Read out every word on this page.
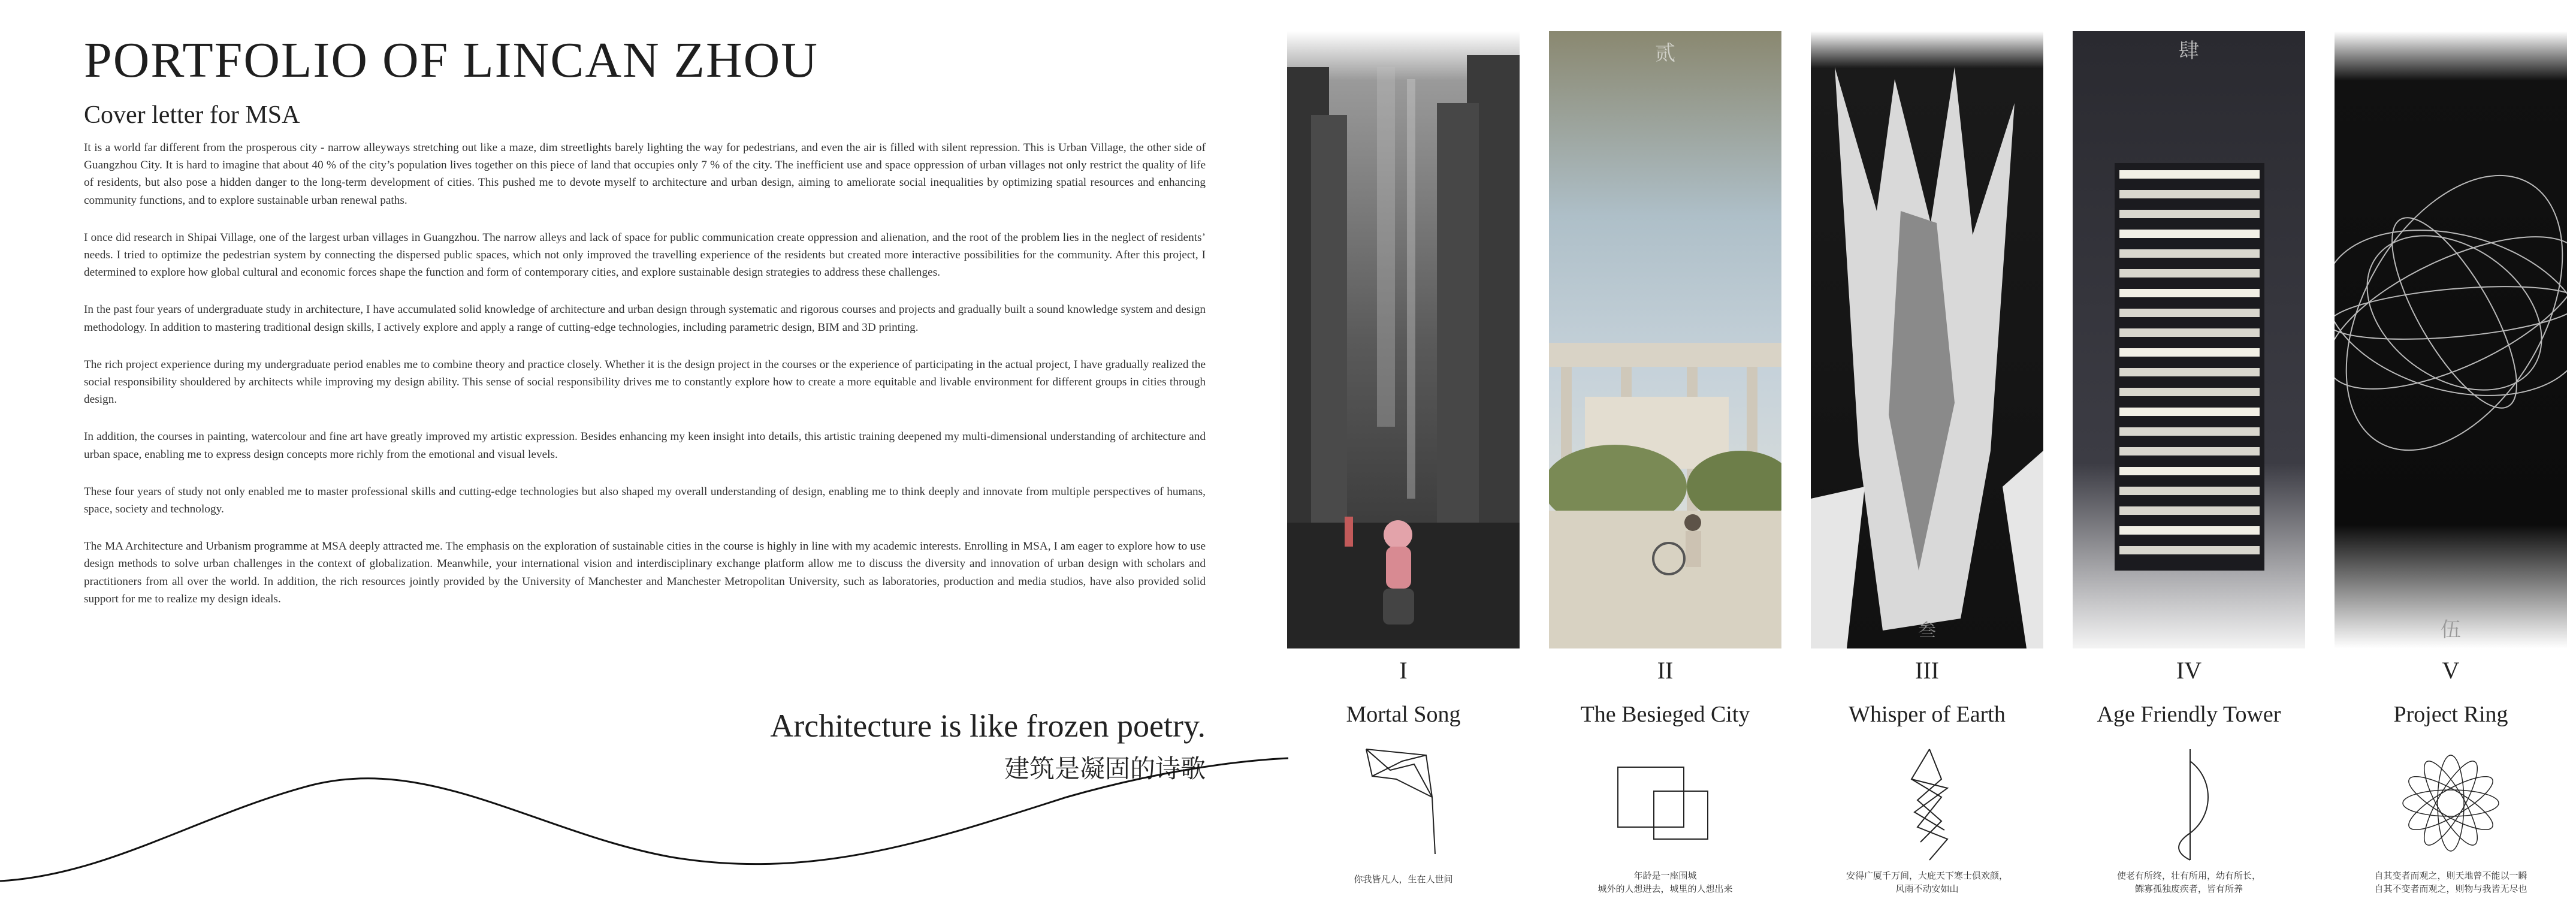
PORTFOLIO OF LINCAN ZHOU
Cover letter for MSA

It is a world far different from the prosperous city - narrow alleyways stretching out like a maze, dim streetlights barely lighting the way for pedestrians, and even the air is filled with silent repression. This is Urban Village, the other side of Guangzhou City. It is hard to imagine that about 40 % of the city’s population lives together on this piece of land that occupies only 7 % of the city. The inefficient use and space oppression of urban villages not only restrict the quality of life of residents, but also pose a hidden danger to the long-term development of cities. This pushed me to devote myself to architecture and urban design, aiming to ameliorate social inequalities by optimizing spatial resources and enhancing community functions, and to explore sustainable urban renewal paths.

I once did research in Shipai Village, one of the largest urban villages in Guangzhou. The narrow alleys and lack of space for public communication create oppression and alienation, and the root of the problem lies in the neglect of residents’ needs. I tried to optimize the pedestrian system by connecting the dispersed public spaces, which not only improved the travelling experience of the residents but created more interactive possibilities for the community. After this project, I determined to explore how global cultural and economic forces shape the function and form of contemporary cities, and explore sustainable design strategies to address these challenges.

In the past four years of undergraduate study in architecture, I have accumulated solid knowledge of architecture and urban design through systematic and rigorous courses and projects and gradually built a sound knowledge system and design methodology. In addition to mastering traditional design skills, I actively explore and apply a range of cutting-edge technologies, including parametric design, BIM and 3D printing.

The rich project experience during my undergraduate period enables me to combine theory and practice closely. Whether it is the design project in the courses or the experience of participating in the actual project, I have gradually realized the social responsibility shouldered by architects while improving my design ability. This sense of social responsibility drives me to constantly explore how to create a more equitable and livable environment for different groups in cities through design.

In addition, the courses in painting, watercolour and fine art have greatly improved my artistic expression. Besides enhancing my keen insight into details, this artistic training deepened my multi-dimensional understanding of architecture and urban space, enabling me to express design concepts more richly from the emotional and visual levels.

These four years of study not only enabled me to master professional skills and cutting-edge technologies but also shaped my overall understanding of design, enabling me to think deeply and innovate from multiple perspectives of humans, space, society and technology.

The MA Architecture and Urbanism programme at MSA deeply attracted me. The emphasis on the exploration of sustainable cities in the course is highly in line with my academic interests. Enrolling in MSA, I am eager to explore how to use design methods to solve urban challenges in the context of globalization. Meanwhile, your international vision and interdisciplinary exchange platform allow me to discuss the diversity and innovation of urban design with scholars and practitioners from all over the world. In addition, the rich resources jointly provided by the University of Manchester and Manchester Metropolitan University, such as laboratories, production and media studios, have also provided solid support for me to realize my design ideals.

Architecture is like frozen poetry.
建筑是凝固的诗歌
贰
叁
肆
伍
I	II	III	IV	V
Mortal Song	The Besieged City	Whisper of Earth	Age Friendly Tower	Project Ring
你我皆凡人，生在人世间	年龄是一座围城
城外的人想进去，城里的人想出来
安得广厦千万间，大庇天下寒士俱欢颜，
风雨不动安如山
使老有所终，壮有所用，幼有所长，
鳏寡孤独废疾者，皆有所养
自其变者而观之，则天地曾不能以一瞬
自其不变者而观之，则物与我皆无尽也
